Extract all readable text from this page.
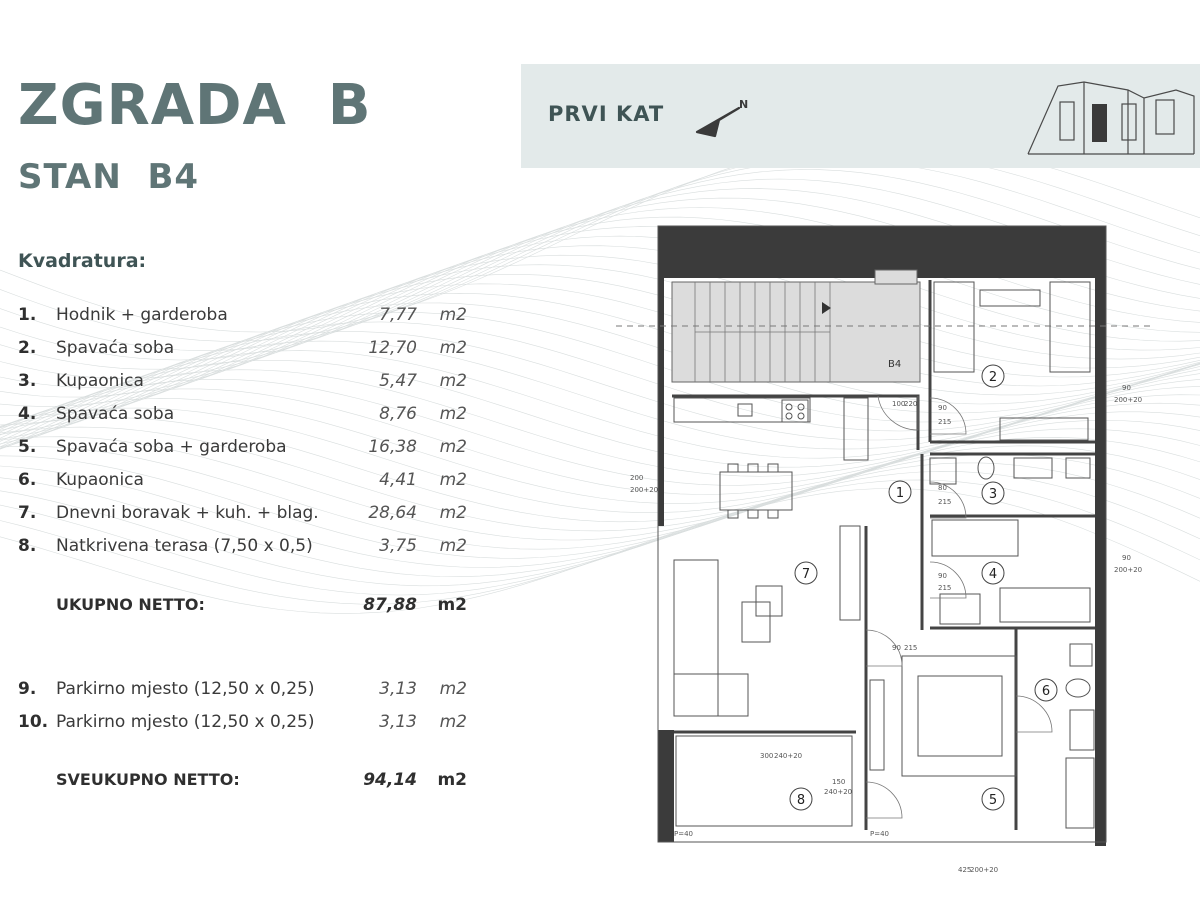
ZGRADA  B
STAN  B4
Kvadratura:
1. Hodnik + garderoba	7,77 m2
2. Spavaća soba	12,70 m2
3. Kupaonica	5,47 m2
4. Spavaća soba	8,76 m2
5. Spavaća soba + garderoba	16,38 m2
6. Kupaonica	4,41 m2
7. Dnevni boravak + kuh. + blag.	28,64 m2
8. Natkrivena terasa (7,50 x 0,5)	3,75 m2
UKUPNO NETTO:	87,88 m2
9. Parkirno mjesto (12,50 x 0,25)	3,13 m2
10. Parkirno mjesto (12,50 x 0,25)	3,13 m2
SVEUKUPNO NETTO:	94,14 m2
PRVI KAT	N
B4
1
2
3
4
5
6
7
8
100
220	90
215
90
200+20
80
215
200
200+20
90
200+20
90
215
90 215
300 240+20
150
240+20
P=40	P=40
425
200+20
